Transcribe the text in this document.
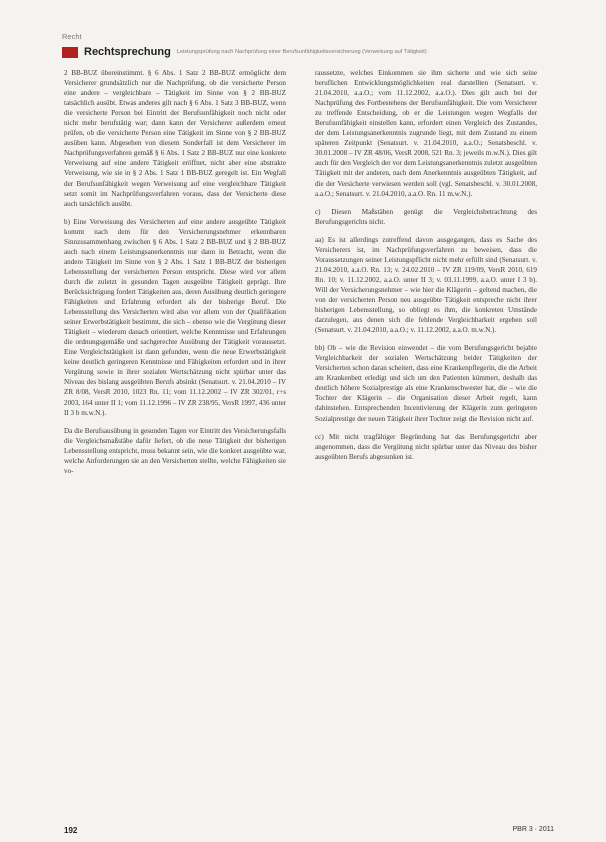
Recht
Rechtsprechung Leistungsprüfung nach Nachprüfung einer Berufsunfähigkeitsversicherung (Verweisung auf Tätigkeit)

2 BB-BUZ übereinstimmt. § 6 Abs. 1 Satz 2 BB-BUZ ermöglicht dem Versicherer grundsätzlich nur die Nachprüfung, ob die versicherte Person eine andere – vergleichbare – Tätigkeit im Sinne von § 2 BB-BUZ tatsächlich ausübt. Etwas anderes gilt nach § 6 Abs. 1 Satz 3 BB-BUZ, wenn die versicherte Person bei Eintritt der Berufsunfähigkeit noch nicht oder nicht mehr berufstätig war; dann kann der Versicherer außerdem erneut prüfen, ob die versicherte Person eine Tätigkeit im Sinne von § 2 BB-BUZ ausüben kann. Abgesehen von diesem Sonderfall ist dem Versicherer im Nachprüfungsverfahren gemäß § 6 Abs. 1 Satz 2 BB-BUZ nur eine konkrete Verweisung auf eine andere Tätigkeit eröffnet, nicht aber eine abstrakte Verweisung, wie sie in § 2 Abs. 1 Satz 1 BB-BUZ geregelt ist. Ein Wegfall der Berufsunfähigkeit wegen Verweisung auf eine vergleichbare Tätigkeit setzt somit im Nachprüfungsverfahren voraus, dass der Versicherte diese auch tatsächlich ausübt.

b) Eine Verweisung des Versicherten auf eine andere ausgeübte Tätigkeit kommt nach dem für den Versicherungsnehmer erkennbaren Sinnzusammenhang zwischen § 6 Abs. 1 Satz 2 BB-BUZ und § 2 BB-BUZ auch nach einem Leistungsanerkenntnis nur dann in Betracht, wenn die andere Tätigkeit im Sinne von § 2 Abs. 1 Satz 1 BB-BUZ der bisherigen Lebensstellung der versicherten Person entspricht. Diese wird vor allem durch die zuletzt in gesunden Tagen ausgeübte Tätigkeit geprägt. Ihre Berücksichtigung fordert Tätigkeiten aus, deren Ausübung deutlich geringere Fähigkeiten und Erfahrung erfordert als der bisherige Beruf. Die Lebensstellung des Versicherten wird also vor allem von der Qualifikation seiner Erwerbstätigkeit bestimmt, die sich – ebenso wie die Vergütung dieser Tätigkeit – wiederum danach orientiert, welche Kenntnisse und Erfahrungen die ordnungsgemäße und sachgerechte Ausübung der Tätigkeit voraussetzt. Eine Vergleichstätigkeit ist dann gefunden, wenn die neue Erwerbstätigkeit keine deutlich geringeren Kenntnisse und Fähigkeiten erfordert und in ihrer Vergütung sowie in ihrer sozialen Wertschätzung nicht spürbar unter das Niveau des bislang ausgeübten Berufs absinkt (Senatsurt. v. 21.04.2010 – IV ZR 8/08, VersR 2010, 1023 Rn. 11; vom 11.12.2002 – IV ZR 302/01, r+s 2003, 164 unter II 1; vom 11.12.1996 – IV ZR 238/95, VersR 1997, 436 unter II 3 b m.w.N.).

Da die Berufsausübung in gesunden Tagen vor Eintritt des Versicherungsfalls die Vergleichsmaßstäbe dafür liefert, ob die neue Tätigkeit der bisherigen Lebensstellung entspricht, muss bekannt sein, wie die konkret ausgeübte war, welche Anforderungen sie an den Versicherten stellte, welche Fähigkeiten sie vo-

raussetzte, welches Einkommen sie ihm sicherte und wie sich seine beruflichen Entwicklungsmöglichkeiten real darstellten (Senatsurt. v. 21.04.2010, a.a.O.; vom 11.12.2002, a.a.O.). Dies gilt auch bei der Nachprüfung des Fortbestehens der Berufsunfähigkeit. Die vom Versicherer zu treffende Entscheidung, ob er die Leistungen wegen Wegfalls der Berufsunfähigkeit einstellen kann, erfordert einen Vergleich des Zustandes, der dem Leistungsanerkenntnis zugrunde liegt, mit dem Zustand zu einem späteren Zeitpunkt (Senatsurt. v. 21.04.2010, a.a.O.; Senatsbeschl. v. 30.01.2008 – IV ZR 48/06, VersR 2008, 521 Rn. 3; jeweils m.w.N.). Dies gilt auch für den Vergleich der vor dem Leistungsanerkenntnis zuletzt ausgeübten Tätigkeit mit der anderen, nach dem Anerkenntnis ausgeübten Tätigkeit, auf die der Versicherte verwiesen werden soll (vgl. Senatsbeschl. v. 30.01.2008, a.a.O.; Senatsurt. v. 21.04.2010, a.a.O. Rn. 11 m.w.N.).

c) Diesen Maßstäben genügt die Vergleichsbetrachtung des Berufungsgerichts nicht.

aa) Es ist allerdings zutreffend davon ausgegangen, dass es Sache des Versicherers ist, im Nachprüfungsverfahren zu beweisen, dass die Voraussetzungen seiner Leistungspflicht nicht mehr erfüllt sind (Senatsurt. v. 21.04.2010, a.a.O. Rn. 13; v. 24.02.2010 – IV ZR 119/09, VersR 2010, 619 Rn. 10; v. 11.12.2002, a.a.O. unter II 3; v. 03.11.1999, a.a.O. unter I 3 b). Will der Versicherungsnehmer – wie hier die Klägerin – geltend machen, die von der versicherten Person neu ausgeübte Tätigkeit entspreche nicht ihrer bisherigen Lebensstellung, so obliegt es ihm, die konkreten Umstände darzulegen, aus denen sich die fehlende Vergleichbarkeit ergeben soll (Senatsurt. v. 21.04.2010, a.a.O.; v. 11.12.2002, a.a.O. m.w.N.).

bb) Ob – wie die Revision einwendet – die vom Berufungsgericht bejahte Vergleichbarkeit der sozialen Wertschätzung beider Tätigkeiten der Versicherten schon daran scheitert, dass eine Krankenpflegerin, die die Arbeit am Krankenbett erledigt und sich um den Patienten kümmert, deshalb das deutlich höhere Sozialprestige als eine Krankenschwester hat, die – wie die Tochter der Klägerin – die Organisation dieser Arbeit regelt, kann dahinstehen. Entsprechenden Incentivierung der Klägerin zum geringeren Sozialprestige der neuen Tätigkeit ihrer Tochter zeigt die Revision nicht auf.

cc) Mit nicht tragfähiger Begründung hat das Berufungsgericht aber angenommen, dass die Vergütung nicht spürbar unter das Niveau des bisher ausgeübten Berufs abgesunken ist.

192	PBR 3 · 2011
